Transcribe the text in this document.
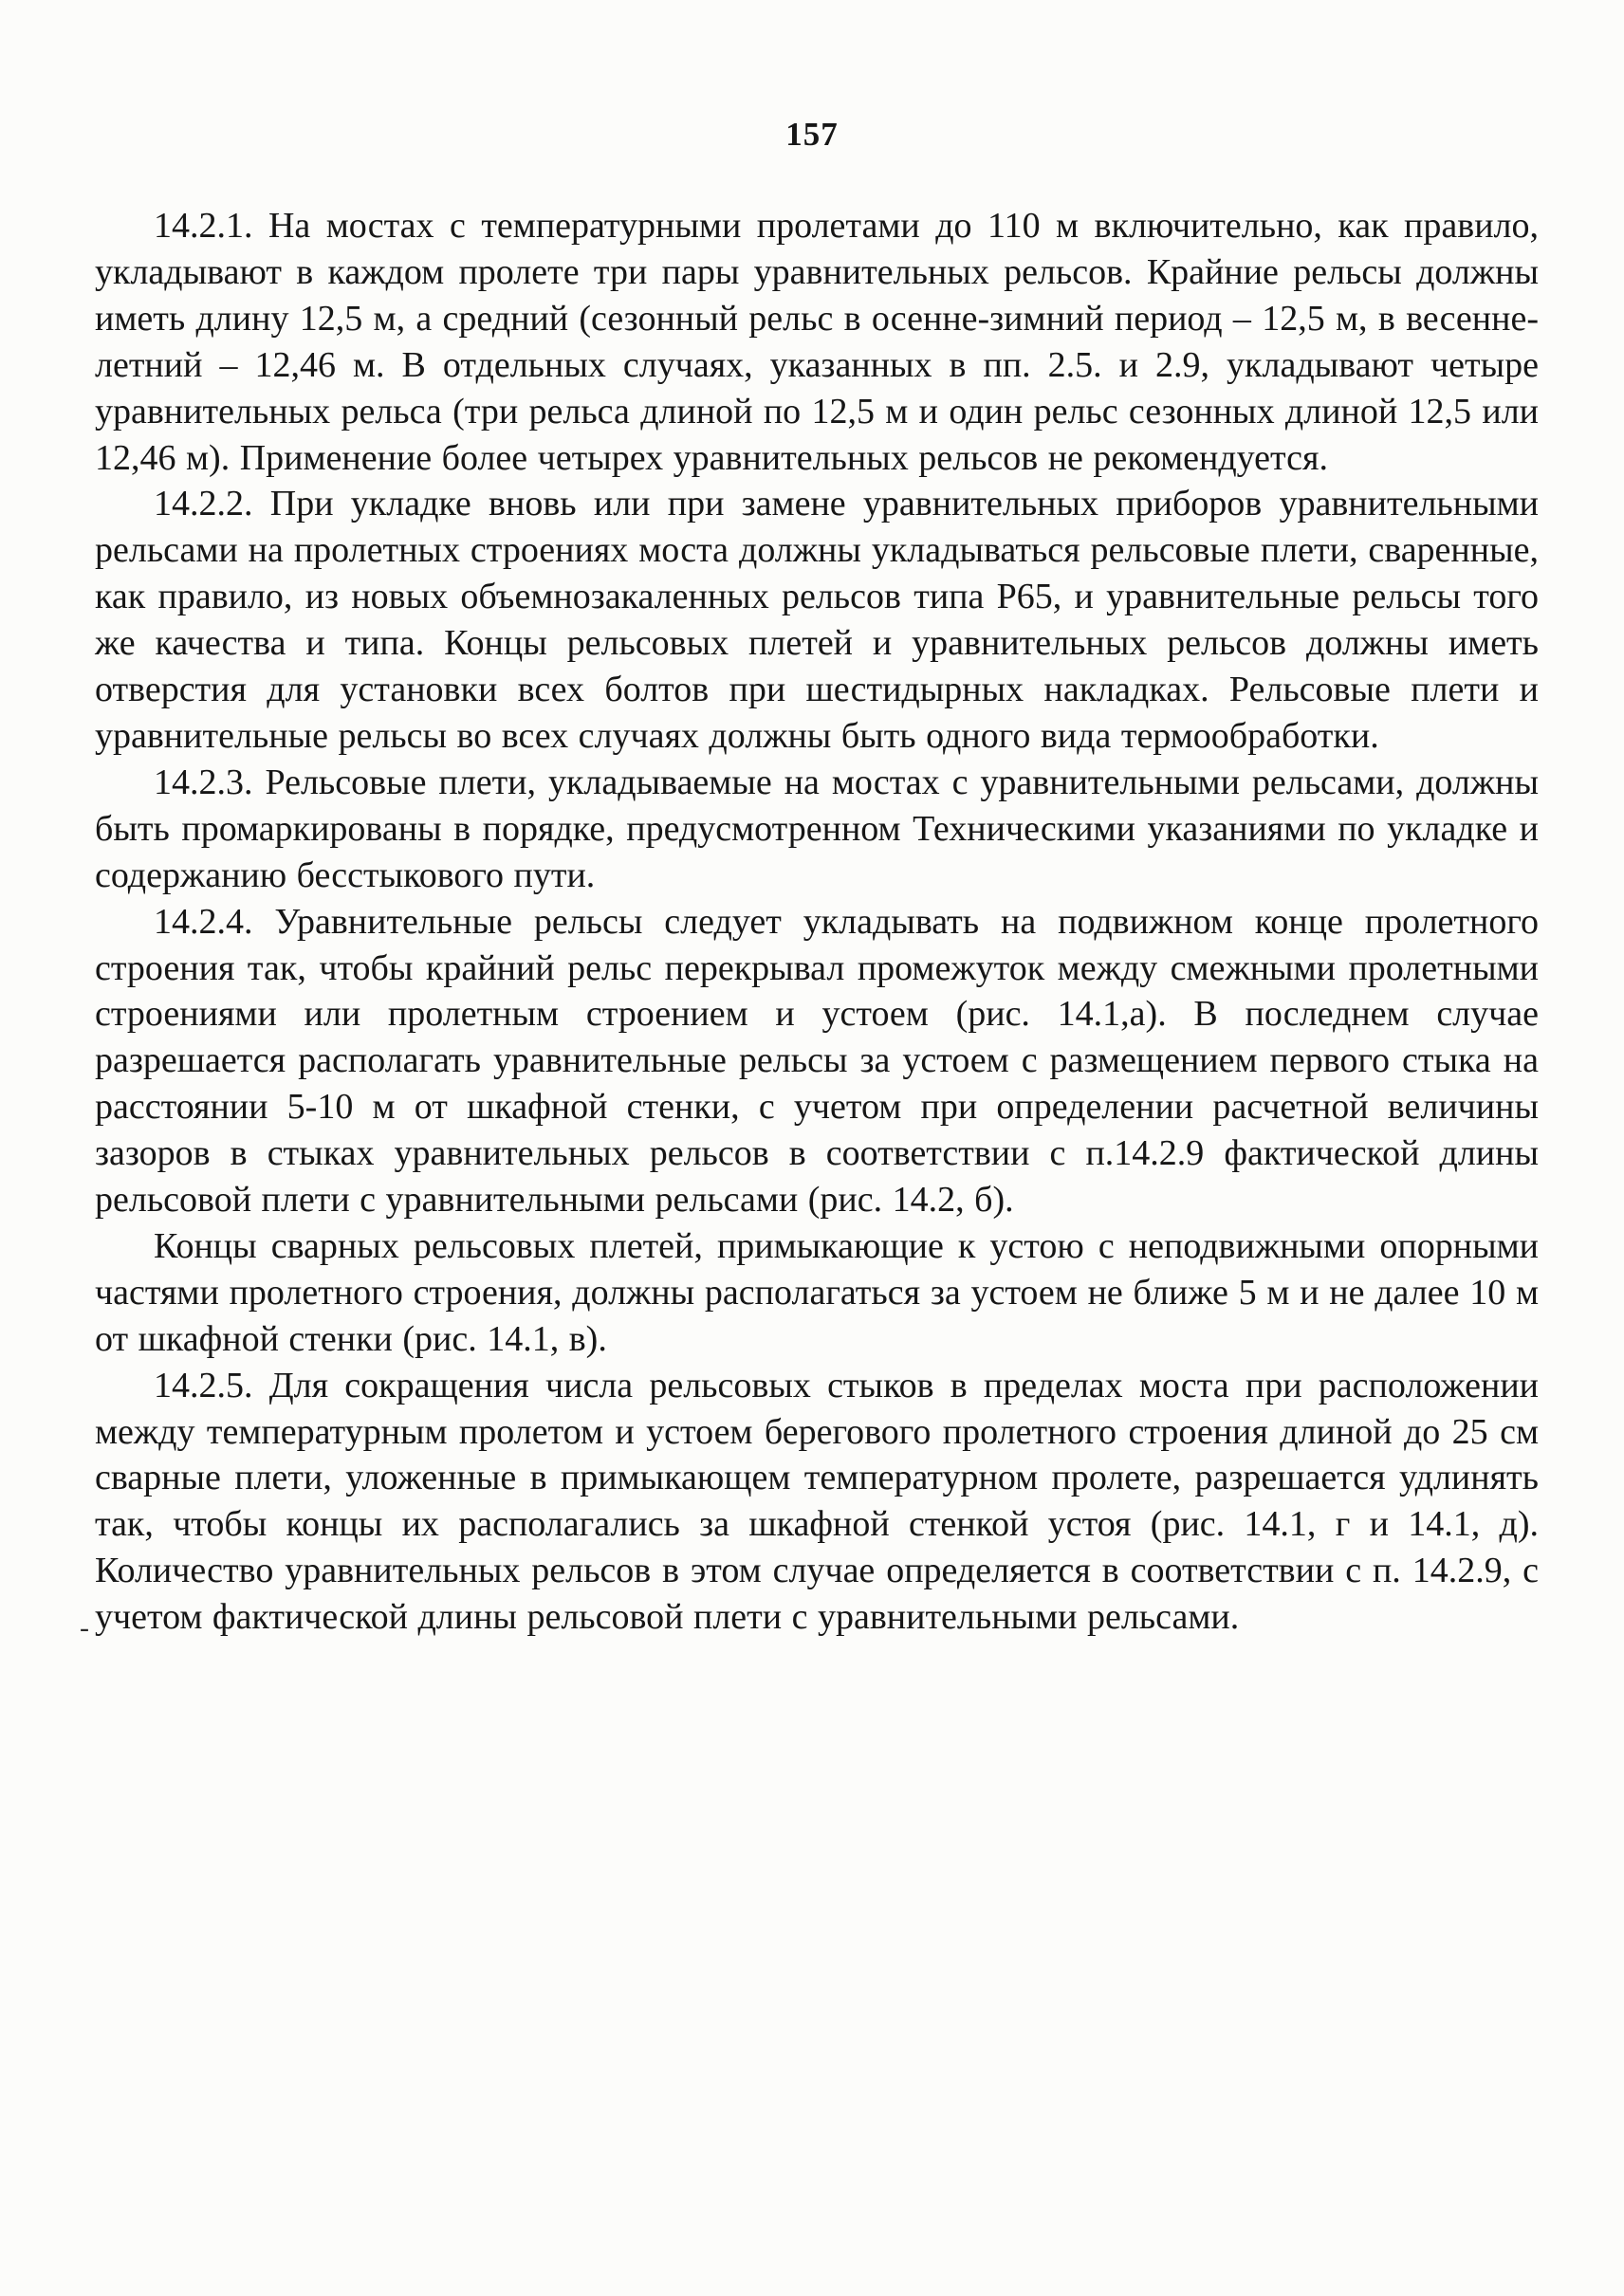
157
-

14.2.1. На мостах с температурными пролетами до 110 м включительно, как правило, укладывают в каждом пролете три пары уравнительных рельсов. Крайние рельсы должны иметь длину 12,5 м, а средний (сезонный рельс в осенне-зимний период – 12,5 м, в весенне-летний – 12,46 м. В отдельных случаях, указанных в пп. 2.5. и 2.9, укладывают четыре уравнительных рельса (три рельса длиной по 12,5 м и один рельс сезонных длиной 12,5 или 12,46 м). Применение более четырех уравнительных рельсов не рекомендуется.

14.2.2. При укладке вновь или при замене уравнительных приборов уравнительными рельсами на пролетных строениях моста должны укладываться рельсовые плети, сваренные, как правило, из новых объемнозакаленных рельсов типа Р65, и уравнительные рельсы того же качества и типа. Концы рельсовых плетей и уравнительных рельсов должны иметь отверстия для установки всех болтов при шестидырных накладках. Рельсовые плети и уравнительные рельсы во всех случаях должны быть одного вида термообработки.

14.2.3. Рельсовые плети, укладываемые на мостах с уравнительными рельсами, должны быть промаркированы в порядке, предусмотренном Техническими указаниями по укладке и содержанию бесстыкового пути.

14.2.4. Уравнительные рельсы следует укладывать на подвижном конце пролетного строения так, чтобы крайний рельс перекрывал промежуток между смежными пролетными строениями или пролетным строением и устоем (рис. 14.1,а). В последнем случае разрешается располагать уравнительные рельсы за устоем с размещением первого стыка на расстоянии 5-10 м от шкафной стенки, с учетом при определении расчетной величины зазоров в стыках уравнительных рельсов в соответствии с п.14.2.9 фактической длины рельсовой плети с уравнительными рельсами (рис. 14.2, б).

Концы сварных рельсовых плетей, примыкающие к устою с неподвижными опорными частями пролетного строения, должны располагаться за устоем не ближе 5 м и не далее 10 м от шкафной стенки (рис. 14.1, в).

14.2.5. Для сокращения числа рельсовых стыков в пределах моста при расположении между температурным пролетом и устоем берегового пролетного строения длиной до 25 см сварные плети, уложенные в примыкающем температурном пролете, разрешается удлинять так, чтобы концы их располагались за шкафной стенкой устоя (рис. 14.1, г и 14.1, д). Количество уравнительных рельсов в этом случае определяется в соответствии с п. 14.2.9, с учетом фактической длины рельсовой плети с уравнительными рельсами.
